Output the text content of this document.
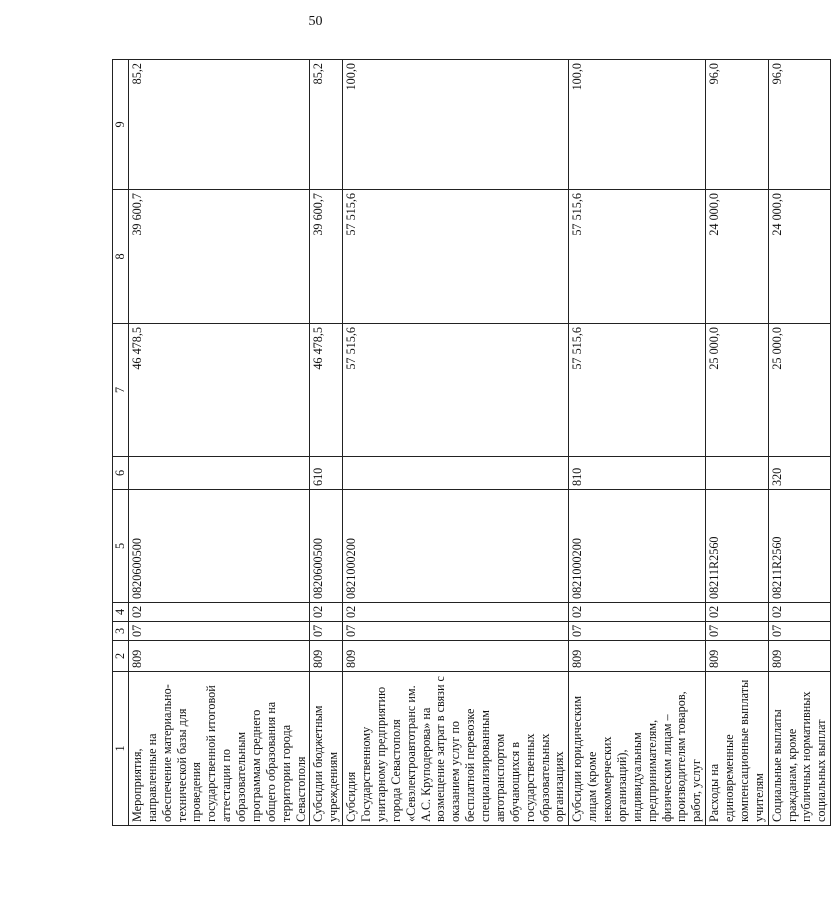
50
1	2	3	4	5	6	7	8	9
Мероприятия, направленные на обеспечение материально-технической базы для проведения государственной итоговой аттестации по образовательным программам среднего общего образования на территории города Севастополя	809	07	02	0820600500		46 478,5	39 600,7	85,2
Субсидии бюджетным учреждениям	809	07	02	0820600500	610	46 478,5	39 600,7	85,2
Субсидия Государственному унитарному предприятию города Севастополя «Севэлектроавтотранс им. А.С. Круподерова» на возмещение затрат в связи с оказанием услуг по бесплатной перевозке специализированным автотранспортом обучающихся в государственных образовательных организациях	809	07	02	0821000200		57 515,6	57 515,6	100,0
Субсидии юридическим лицам (кроме некоммерческих организаций), индивидуальным предпринимателям, физическим лицам – производителям товаров, работ, услуг	809	07	02	0821000200	810	57 515,6	57 515,6	100,0
Расходы на единовременные компенсационные выплаты учителям	809	07	02	08211R2560		25 000,0	24 000,0	96,0
Социальные выплаты гражданам, кроме публичных нормативных социальных выплат	809	07	02	08211R2560	320	25 000,0	24 000,0	96,0
